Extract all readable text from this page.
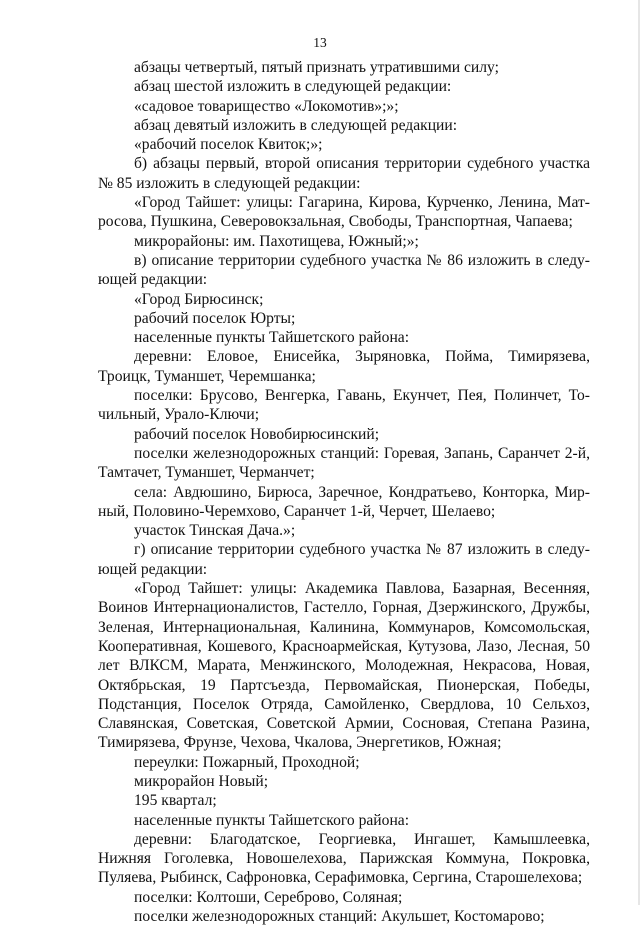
13

абзацы четвертый, пятый признать утратившими силу;

абзац шестой изложить в следующей редакции:

«садовое товарищество «Локомотив»;»;

абзац девятый изложить в следующей редакции:

«рабочий поселок Квиток;»;

б) абзацы первый, второй описания территории судебного участка № 85 изложить в следующей редакции:

«Город Тайшет: улицы: Гагарина, Кирова, Курченко, Ленина, Матросова, Пушкина, Северовокзальная, Свободы, Транспортная, Чапаева;

микрорайоны: им. Пахотищева, Южный;»;

в) описание территории судебного участка № 86 изложить в следующей редакции:

«Город Бирюсинск;

рабочий поселок Юрты;

населенные пункты Тайшетского района:

деревни: Еловое, Енисейка, Зыряновка, Пойма, Тимирязева, Троицк, Туманшет, Черемшанка;

поселки: Брусово, Венгерка, Гавань, Екунчет, Пея, Полинчет, Точильный, Урало-Ключи;

рабочий поселок Новобирюсинский;

поселки железнодорожных станций: Горевая, Запань, Саранчет 2-й, Тамтачет, Туманшет, Черманчет;

села: Авдюшино, Бирюса, Заречное, Кондратьево, Конторка, Мирный, Половино-Черемхово, Саранчет 1-й, Черчет, Шелаево;

участок Тинская Дача.»;

г) описание территории судебного участка № 87 изложить в следующей редакции:

«Город Тайшет: улицы: Академика Павлова, Базарная, Весенняя, Воинов Интернационалистов, Гастелло, Горная, Дзержинского, Дружбы, Зеленая, Интернациональная, Калинина, Коммунаров, Комсомольская, Кооперативная, Кошевого, Красноармейская, Кутузова, Лазо, Лесная, 50 лет ВЛКСМ, Марата, Менжинского, Молодежная, Некрасова, Новая, Октябрьская, 19 Партсъезда, Первомайская, Пионерская, Победы, Подстанция, Поселок Отряда, Самойленко, Свердлова, 10 Сельхоз, Славянская, Советская, Советской Армии, Сосновая, Степана Разина, Тимирязева, Фрунзе, Чехова, Чкалова, Энергетиков, Южная;

переулки: Пожарный, Проходной;

микрорайон Новый;

195 квартал;

населенные пункты Тайшетского района:

деревни: Благодатское, Георгиевка, Ингашет, Камышлеевка, Нижняя Гоголевка, Новошелехова, Парижская Коммуна, Покровка, Пуляева, Рыбинск, Сафроновка, Серафимовка, Сергина, Старошелехова;

поселки: Колтоши, Сереброво, Соляная;

поселки железнодорожных станций: Акульшет, Костомарово;
